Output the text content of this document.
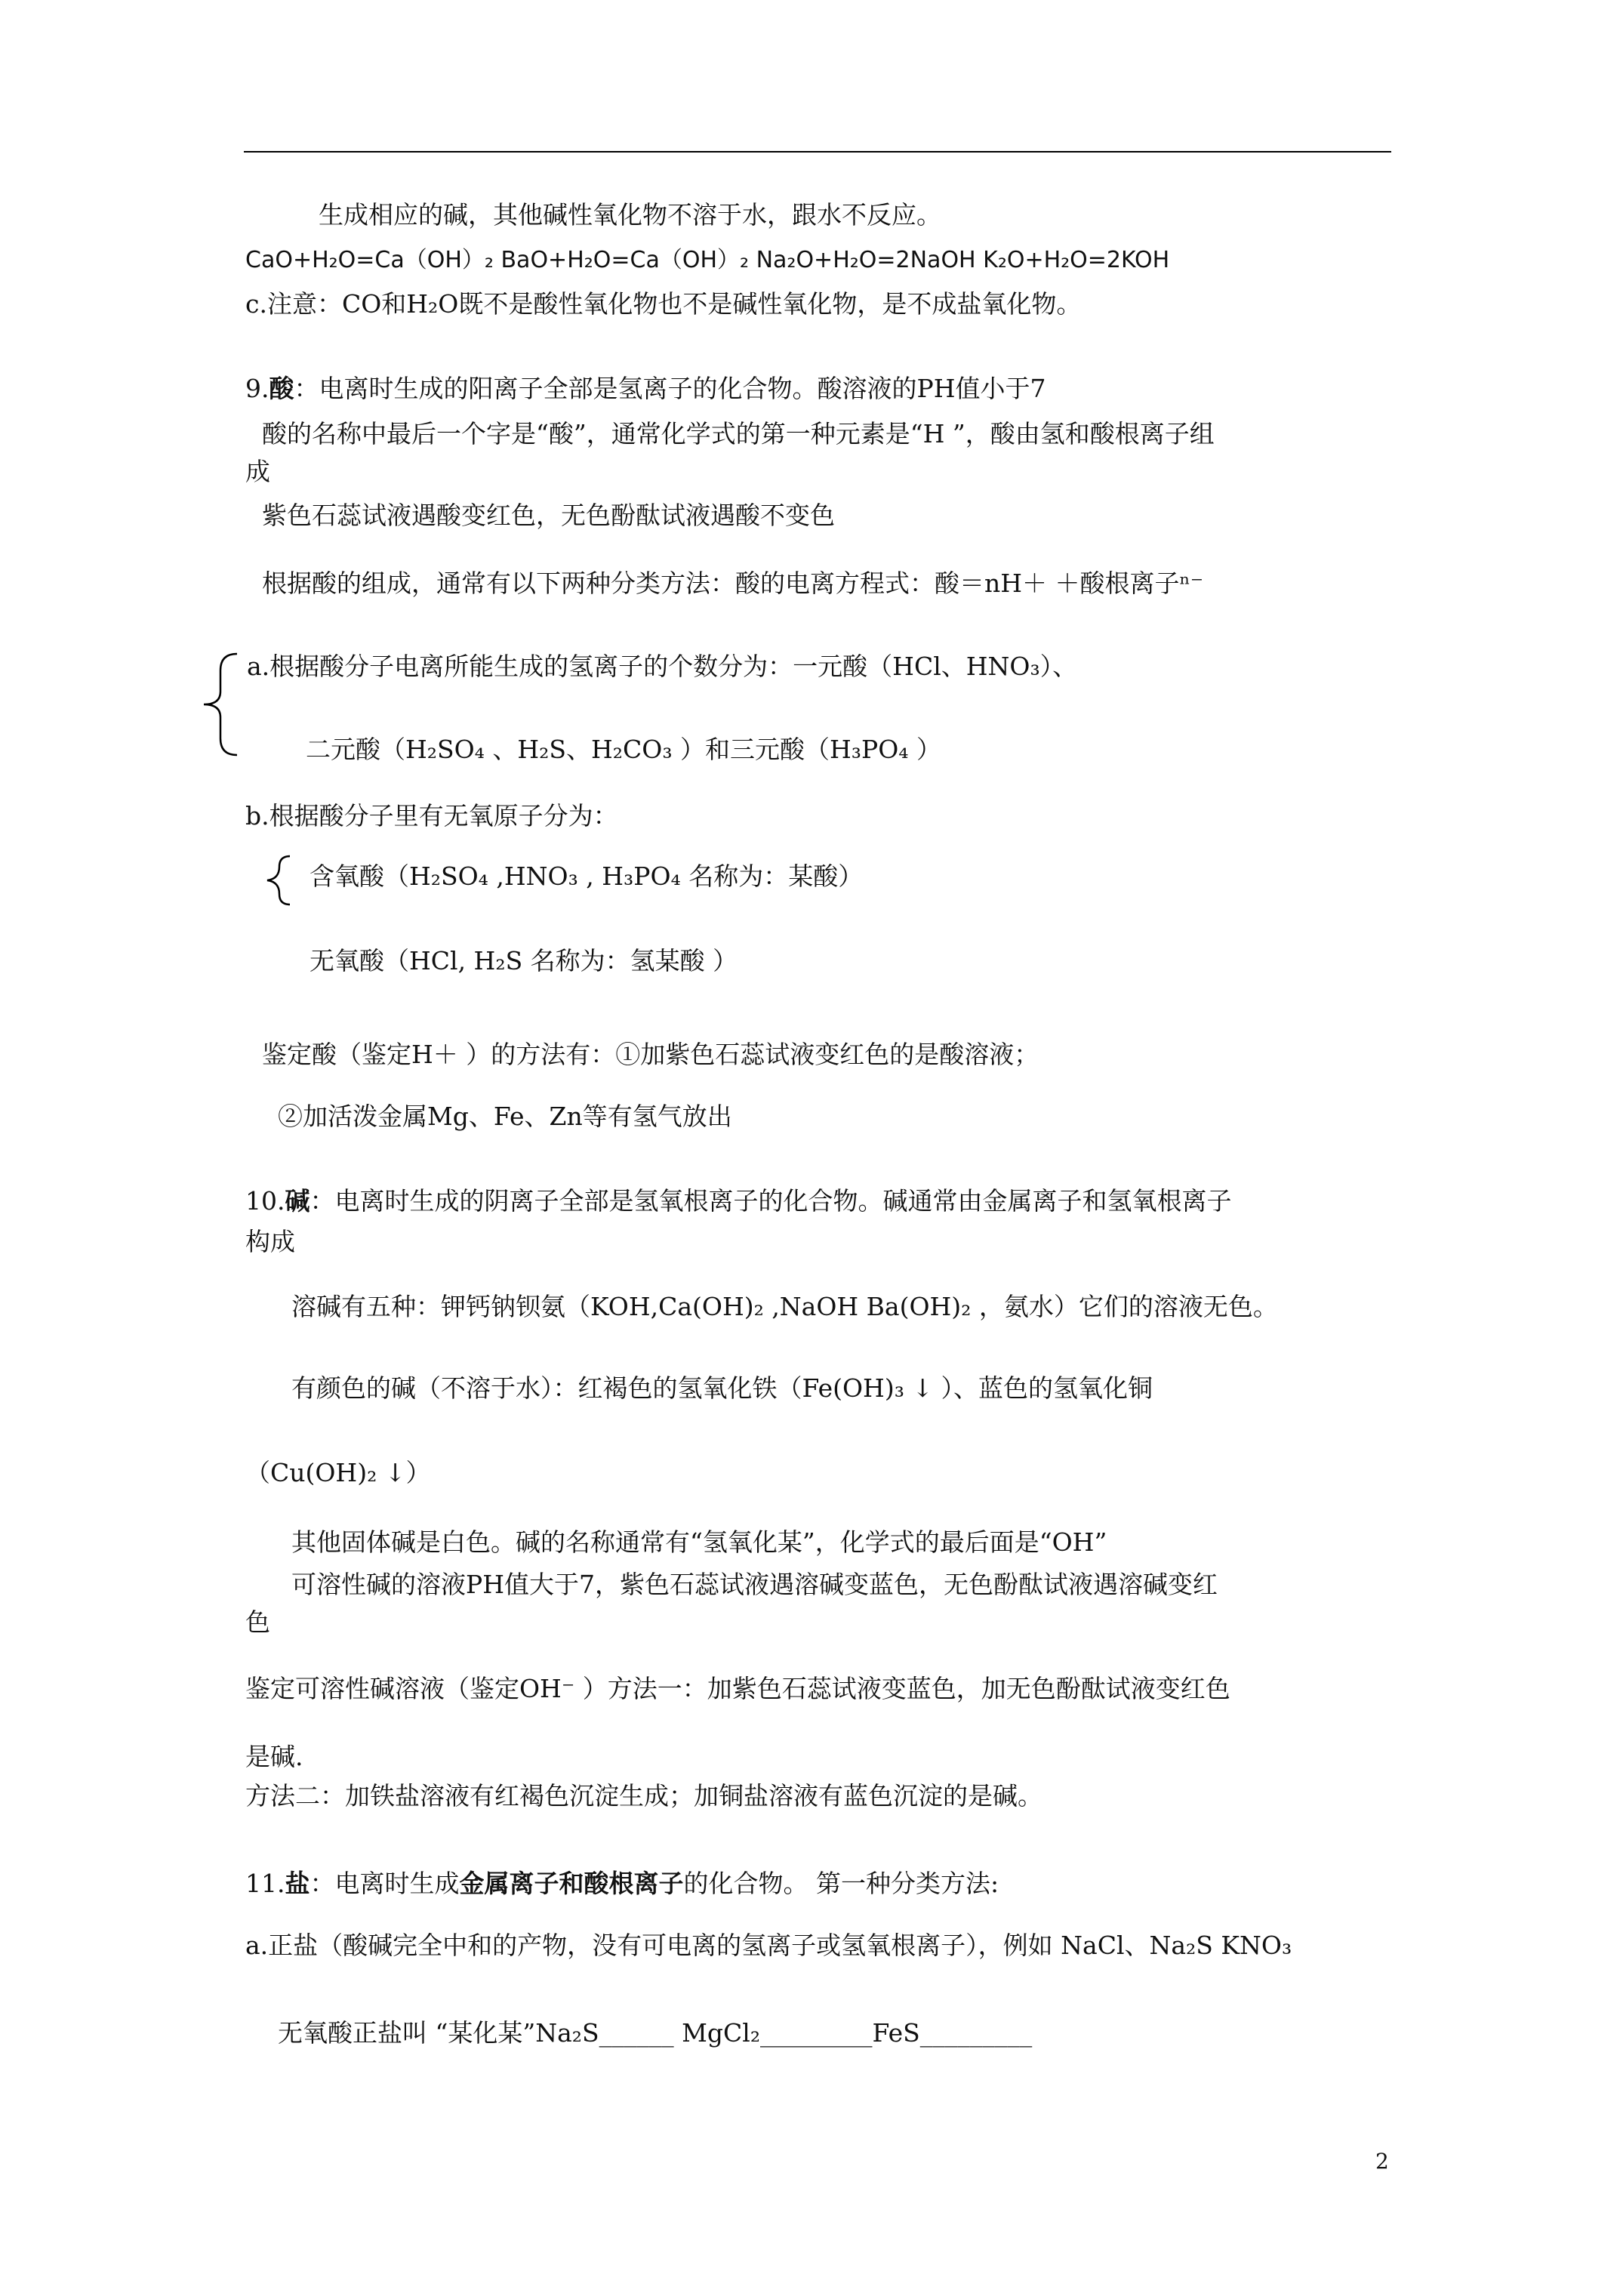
生成相应的碱，其他碱性氧化物不溶于水，跟水不反应。
CaO+H₂O=Ca（OH）₂ BaO+H₂O=Ca（OH）₂ Na₂O+H₂O=2NaOH K₂O+H₂O=2KOH
c.注意：CO和H₂O既不是酸性氧化物也不是碱性氧化物，是不成盐氧化物。
9.酸：电离时生成的阳离子全部是氢离子的化合物。酸溶液的PH值小于7
酸的名称中最后一个字是“酸”，通常化学式的第一种元素是“H ”，酸由氢和酸根离子组
成
紫色石蕊试液遇酸变红色，无色酚酞试液遇酸不变色
根据酸的组成，通常有以下两种分类方法：酸的电离方程式：酸＝nH＋ ＋酸根离子ⁿ⁻
a.根据酸分子电离所能生成的氢离子的个数分为：一元酸（HCl、HNO₃）、
二元酸（H₂SO₄ 、H₂S、H₂CO₃ ）和三元酸（H₃PO₄ ）
b.根据酸分子里有无氧原子分为：
含氧酸（H₂SO₄ ,HNO₃ , H₃PO₄ 名称为：某酸）
无氧酸（HCl, H₂S 名称为：氢某酸 ）
鉴定酸（鉴定H＋ ）的方法有：①加紫色石蕊试液变红色的是酸溶液；
②加活泼金属Mg、Fe、Zn等有氢气放出
10.碱：电离时生成的阴离子全部是氢氧根离子的化合物。碱通常由金属离子和氢氧根离子
构成
溶碱有五种：钾钙钠钡氨（KOH,Ca(OH)₂ ,NaOH Ba(OH)₂ ，氨水）它们的溶液无色。
有颜色的碱（不溶于水）：红褐色的氢氧化铁（Fe(OH)₃ ↓ ）、蓝色的氢氧化铜
（Cu(OH)₂ ↓）
其他固体碱是白色。碱的名称通常有“氢氧化某”，化学式的最后面是“OH”
可溶性碱的溶液PH值大于7，紫色石蕊试液遇溶碱变蓝色，无色酚酞试液遇溶碱变红
色
鉴定可溶性碱溶液（鉴定OH⁻ ）方法一：加紫色石蕊试液变蓝色，加无色酚酞试液变红色
是碱.
方法二：加铁盐溶液有红褐色沉淀生成；加铜盐溶液有蓝色沉淀的是碱。
11.盐：电离时生成金属离子和酸根离子的化合物。 第一种分类方法:
a.正盐（酸碱完全中和的产物，没有可电离的氢离子或氢氧根离子），例如 NaCl、Na₂S KNO₃
无氧酸正盐叫 “某化某”Na₂S______ MgCl₂_________FeS_________
2
